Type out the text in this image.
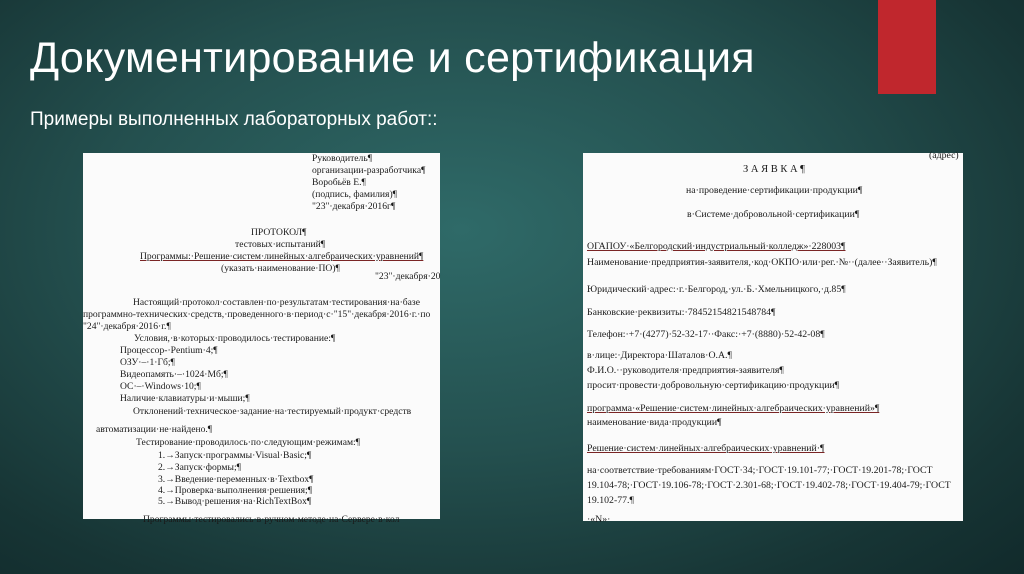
Документирование и сертификация

Примеры выполненных лабораторных работ::

Руководитель¶
организации-разработчика¶
Воробьёв Е.¶
(подпись, фамилия)¶
"23"·декабря·2016г¶
ПРОТОКОЛ¶
тестовых·испытаний¶
Программы:·Решение·систем·линейных·алгебраических·уравнений¶
(указать·наименование·ПО)¶
"23"·декабря·20
Настоящий·протокол·составлен·по·результатам·тестирования·на·базе
программно-технических·средств,·проведенного·в·период·с·"15"·декабря·2016·г.·по
"24"·декабря·2016·г.¶
Условия,·в·которых·проводилось·тестирование:¶
Процессор-·Pentium·4;¶
ОЗУ·–·1·Гб;¶
Видеопамять·–·1024·Мб;¶
ОС·–·Windows·10;¶
Наличие·клавиатуры·и·мыши;¶
Отклонений·техническое·задание·на·тестируемый·продукт·средств
автоматизации·не·найдено.¶
Тестирование·проводилось·по·следующим·режимам:¶
1.→Запуск·программы·Visual·Basic;¶
2.→Запуск·формы;¶
3.→Введение·переменных·в·Textbox¶
4.→Проверка·выполнения·решения;¶
5.→Вывод·решения·на·RichTextBox¶
Программы·тестировались·в·ручном·методе·на·Сервере·в·кол
(адрес)
З А Я В К А ¶
на·проведение·сертификации·продукции¶
в·Системе·добровольной·сертификации¶
ОГАПОУ·«Белгородский·индустриальный·колледж»·228003¶
Наименование·предприятия-заявителя,·код·ОКПО·или·рег.·№··(далее··Заявитель)¶
Юридический·адрес:·г.·Белгород,·ул.·Б.·Хмельницкого,·д.85¶
Банковские·реквизиты:·78452154821548784¶
Телефон:·+7·(4277)·52-32-17··Факс:·+7·(8880)·52-42-08¶
в·лице:·Директора·Шаталов·О.А.¶
Ф.И.О.··руководителя·предприятия-заявителя¶
просит·провести·добровольную·сертификацию·продукции¶
программа·«Решение·систем·линейных·алгебраических·уравнений»¶
наименование·вида·продукции¶
Решение·систем·линейных·алгебраических·уравнений·¶
на·соответствие·требованиям·ГОСТ·34;·ГОСТ·19.101-77;·ГОСТ·19.201-78;·ГОСТ
19.104-78;·ГОСТ·19.106-78;·ГОСТ·2.301-68;·ГОСТ·19.402-78;·ГОСТ·19.404-79;·ГОСТ
19.102-77.¶
·«N»·
